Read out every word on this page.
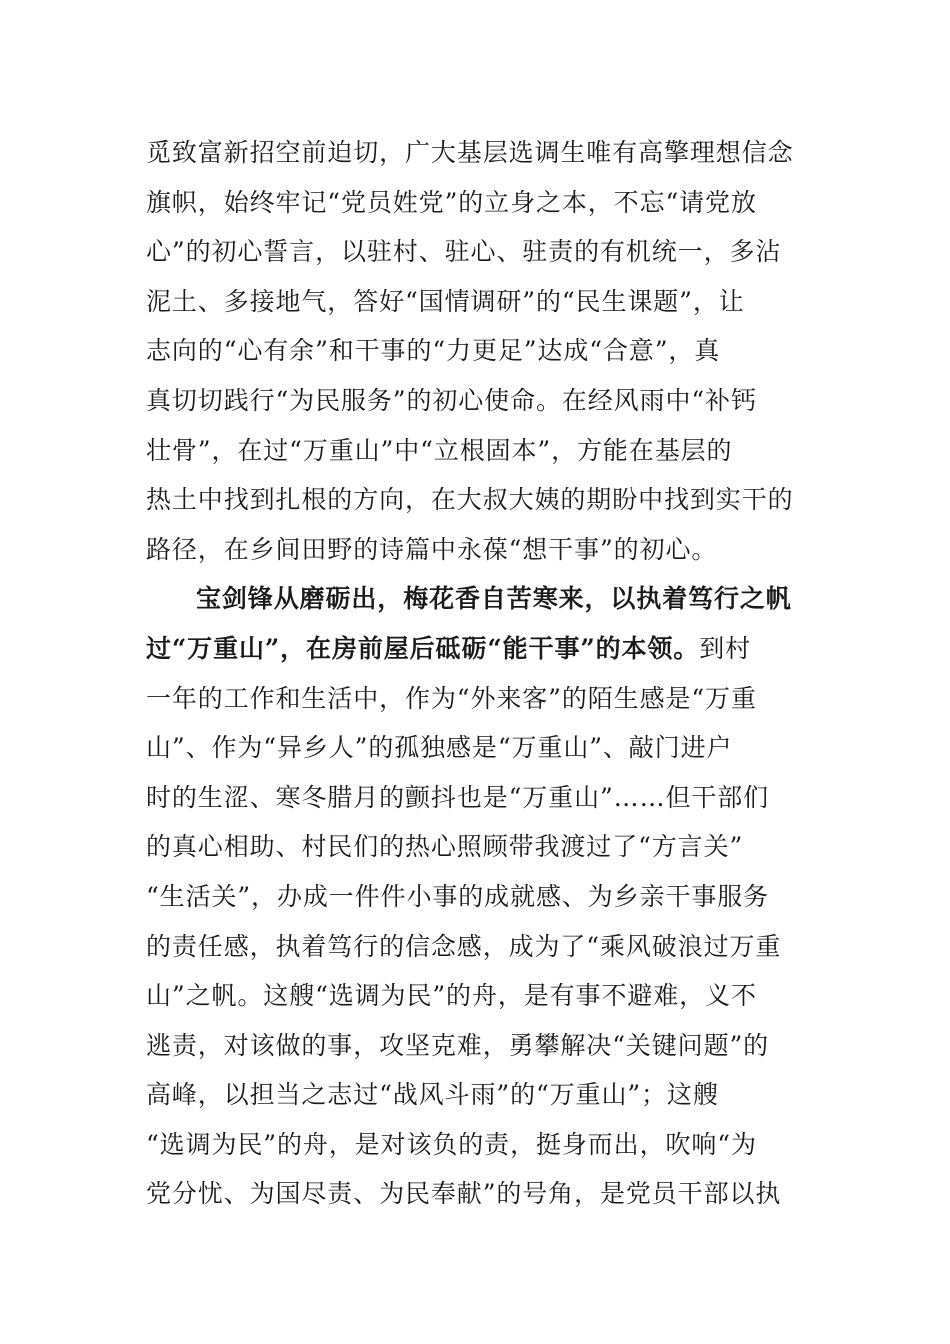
觅致富新招空前迫切，广大基层选调生唯有高擎理想信念
旗帜，始终牢记“党员姓党”的立身之本，不忘“请党放
心”的初心誓言，以驻村、驻心、驻责的有机统一，多沾
泥土、多接地气，答好“国情调研”的“民生课题”，让
志向的“心有余”和干事的“力更足”达成“合意”，真
真切切践行“为民服务”的初心使命。在经风雨中“补钙
壮骨”，在过“万重山”中“立根固本”，方能在基层的
热土中找到扎根的方向，在大叔大姨的期盼中找到实干的
路径，在乡间田野的诗篇中永葆“想干事”的初心。
宝剑锋从磨砺出，梅花香自苦寒来，以执着笃行之帆
过“万重山”，在房前屋后砥砺“能干事”的本领。到村
一年的工作和生活中，作为“外来客”的陌生感是“万重
山”、作为“异乡人”的孤独感是“万重山”、敲门进户
时的生涩、寒冬腊月的颤抖也是“万重山”……但干部们
的真心相助、村民们的热心照顾带我渡过了“方言关”
“生活关”，办成一件件小事的成就感、为乡亲干事服务
的责任感，执着笃行的信念感，成为了“乘风破浪过万重
山”之帆。这艘“选调为民”的舟，是有事不避难，义不
逃责，对该做的事，攻坚克难，勇攀解决“关键问题”的
高峰，以担当之志过“战风斗雨”的“万重山”；这艘
“选调为民”的舟，是对该负的责，挺身而出，吹响“为
党分忧、为国尽责、为民奉献”的号角，是党员干部以执
